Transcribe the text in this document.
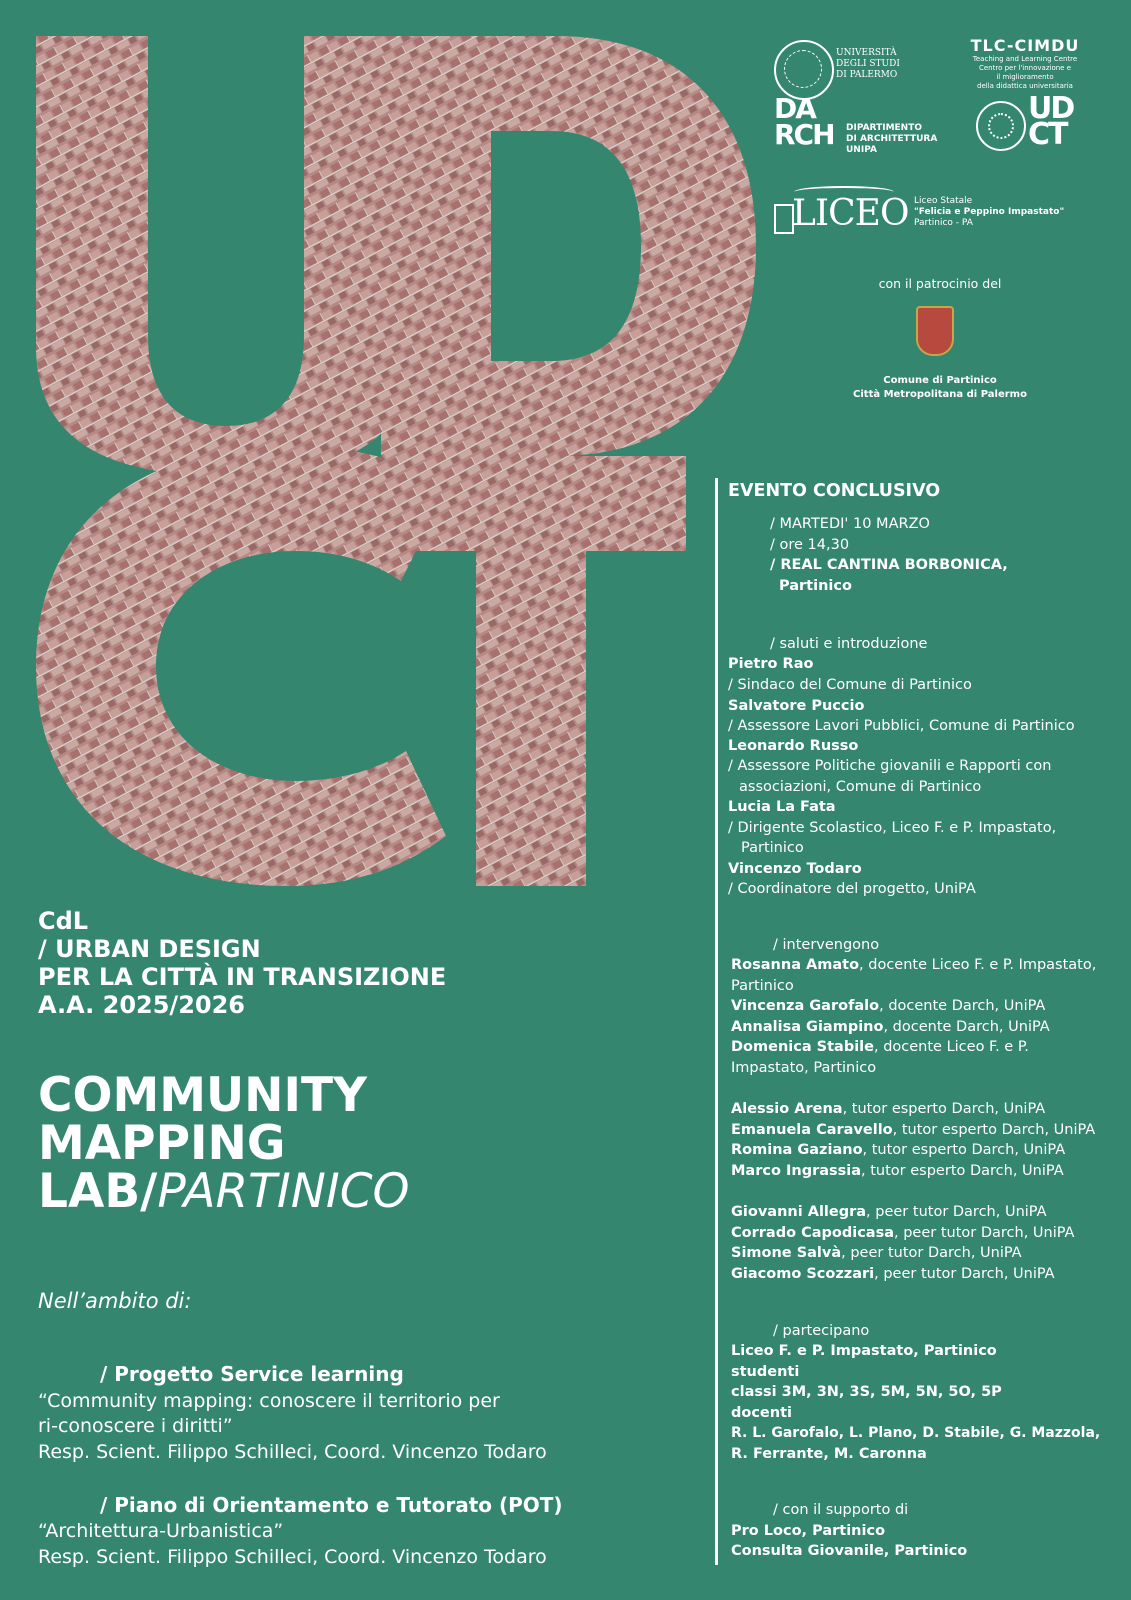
UNIVERSITÀ
DEGLI STUDI
DI PALERMO
TLC-CIMDU
Teaching and Learning Centre
Centro per l'innovazione e
il miglioramento
della didattica universitaria
DA
RCH DIPARTIMENTO
DI ARCHITETTURA
UNIPA
UD
CT
LICEO Liceo Statale
"Felicia e Peppino Impastato"
Partinico - PA
con il patrocinio del
Comune di Partinico
Città Metropolitana di Palermo
EVENTO CONCLUSIVO
/ MARTEDI' 10 MARZO
/ ore 14,30
/ REAL CANTINA BORBONICA,
Partinico
/ saluti e introduzione
Pietro Rao
/ Sindaco del Comune di Partinico
Salvatore Puccio
/ Assessore Lavori Pubblici, Comune di Partinico
Leonardo Russo
/ Assessore Politiche giovanili e Rapporti con
associazioni, Comune di Partinico
Lucia La Fata
/ Dirigente Scolastico, Liceo F. e P. Impastato,
Partinico
Vincenzo Todaro
/ Coordinatore del progetto, UniPA
/ intervengono
Rosanna Amato, docente Liceo F. e P. Impastato,
Partinico
Vincenza Garofalo, docente Darch, UniPA
Annalisa Giampino, docente Darch, UniPA
Domenica Stabile, docente Liceo F. e P.
Impastato, Partinico
Alessio Arena, tutor esperto Darch, UniPA
Emanuela Caravello, tutor esperto Darch, UniPA
Romina Gaziano, tutor esperto Darch, UniPA
Marco Ingrassia, tutor esperto Darch, UniPA
Giovanni Allegra, peer tutor Darch, UniPA
Corrado Capodicasa, peer tutor Darch, UniPA
Simone Salvà, peer tutor Darch, UniPA
Giacomo Scozzari, peer tutor Darch, UniPA
/ partecipano
Liceo F. e P. Impastato, Partinico
studenti
classi 3M, 3N, 3S, 5M, 5N, 5O, 5P
docenti
R. L. Garofalo, L. Plano, D. Stabile, G. Mazzola,
R. Ferrante, M. Caronna
/ con il supporto di
Pro Loco, Partinico
Consulta Giovanile, Partinico
CdL
/ URBAN DESIGN
PER LA CITTÀ IN TRANSIZIONE
A.A. 2025/2026
COMMUNITY
MAPPING
LAB/PARTINICO
Nell’ambito di:
/ Progetto Service learning
“Community mapping: conoscere il territorio per
ri-conoscere i diritti”
Resp. Scient. Filippo Schilleci, Coord. Vincenzo Todaro
/ Piano di Orientamento e Tutorato (POT)
“Architettura-Urbanistica”
Resp. Scient. Filippo Schilleci, Coord. Vincenzo Todaro
